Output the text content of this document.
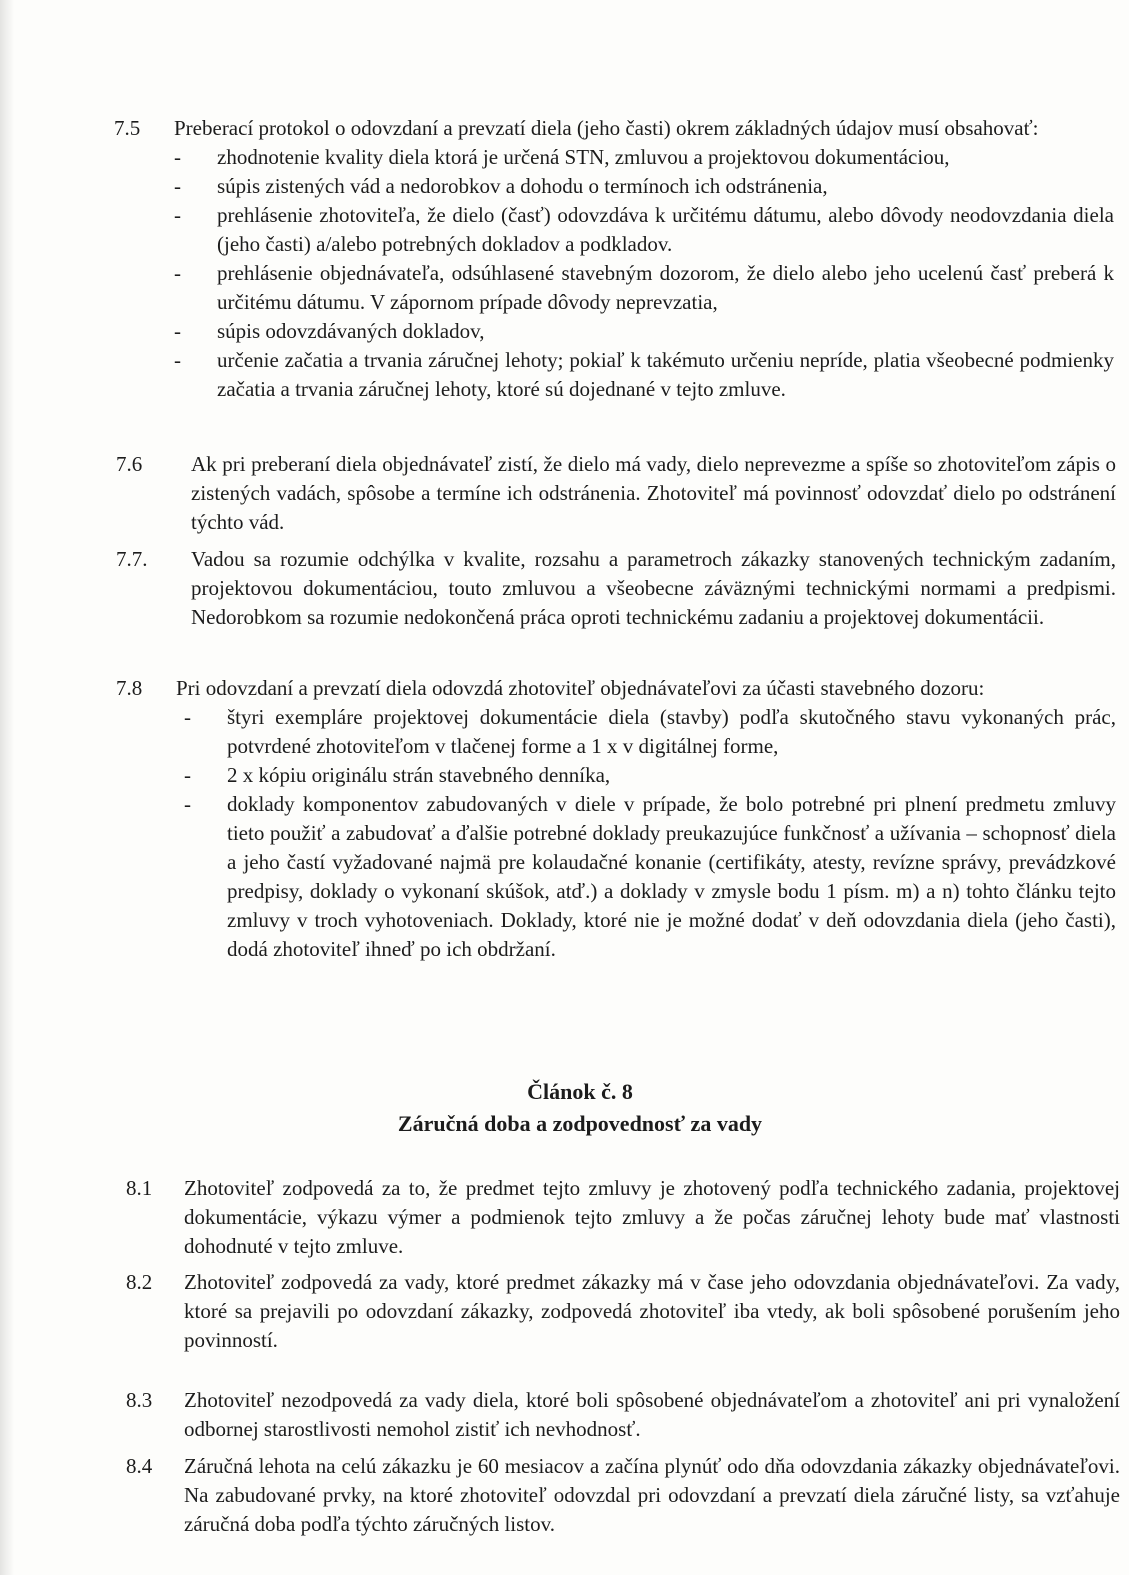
7.5 Preberací protokol o odovzdaní a prevzatí diela (jeho časti) okrem základných údajov musí obsahovať:
- zhodnotenie kvality diela ktorá je určená STN, zmluvou a projektovou dokumentáciou,
- súpis zistených vád a nedorobkov a dohodu o termínoch ich odstránenia,
- prehlásenie zhotoviteľa, že dielo (časť) odovzdáva k určitému dátumu, alebo dôvody neodovzdania diela (jeho časti) a/alebo potrebných dokladov a podkladov.
- prehlásenie objednávateľa, odsúhlasené stavebným dozorom, že dielo alebo jeho ucelenú časť preberá k určitému dátumu. V zápornom prípade dôvody neprevzatia,
- súpis odovzdávaných dokladov,
- určenie začatia a trvania záručnej lehoty; pokiaľ k takémuto určeniu nepríde, platia všeobecné podmienky začatia a trvania záručnej lehoty, ktoré sú dojednané v tejto zmluve.
7.6 Ak pri preberaní diela objednávateľ zistí, že dielo má vady, dielo neprevezme a spíše so zhotoviteľom zápis o zistených vadách, spôsobe a termíne ich odstránenia. Zhotoviteľ má povinnosť odovzdať dielo po odstránení týchto vád.
7.7. Vadou sa rozumie odchýlka v kvalite, rozsahu a parametroch zákazky stanovených technickým zadaním, projektovou dokumentáciou, touto zmluvou a všeobecne záväznými technickými normami a predpismi. Nedorobkom sa rozumie nedokončená práca oproti technickému zadaniu a projektovej dokumentácii.
7.8 Pri odovzdaní a prevzatí diela odovzdá zhotoviteľ objednávateľovi za účasti stavebného dozoru:
- štyri exempláre projektovej dokumentácie diela (stavby) podľa skutočného stavu vykonaných prác, potvrdené zhotoviteľom v tlačenej forme a 1 x v digitálnej forme,
- 2 x kópiu originálu strán stavebného denníka,
- doklady komponentov zabudovaných v diele v prípade, že bolo potrebné pri plnení predmetu zmluvy tieto použiť a zabudovať a ďalšie potrebné doklady preukazujúce funkčnosť a užívania – schopnosť diela a jeho častí vyžadované najmä pre kolaudačné konanie (certifikáty, atesty, revízne správy, prevádzkové predpisy, doklady o vykonaní skúšok, atď.) a doklady v zmysle bodu 1 písm. m) a n) tohto článku tejto zmluvy v troch vyhotoveniach. Doklady, ktoré nie je možné dodať v deň odovzdania diela (jeho časti), dodá zhotoviteľ ihneď po ich obdržaní.
Článok č. 8
Záručná doba a zodpovednosť za vady
8.1 Zhotoviteľ zodpovedá za to, že predmet tejto zmluvy je zhotovený podľa technického zadania, projektovej dokumentácie, výkazu výmer a podmienok tejto zmluvy a že počas záručnej lehoty bude mať vlastnosti dohodnuté v tejto zmluve.
8.2 Zhotoviteľ zodpovedá za vady, ktoré predmet zákazky má v čase jeho odovzdania objednávateľovi. Za vady, ktoré sa prejavili po odovzdaní zákazky, zodpovedá zhotoviteľ iba vtedy, ak boli spôsobené porušením jeho povinností.
8.3 Zhotoviteľ nezodpovedá za vady diela, ktoré boli spôsobené objednávateľom a zhotoviteľ ani pri vynaložení odbornej starostlivosti nemohol zistiť ich nevhodnosť.
8.4 Záručná lehota na celú zákazku je 60 mesiacov a začína plynúť odo dňa odovzdania zákazky objednávateľovi. Na zabudované prvky, na ktoré zhotoviteľ odovzdal pri odovzdaní a prevzatí diela záručné listy, sa vzťahuje záručná doba podľa týchto záručných listov.
